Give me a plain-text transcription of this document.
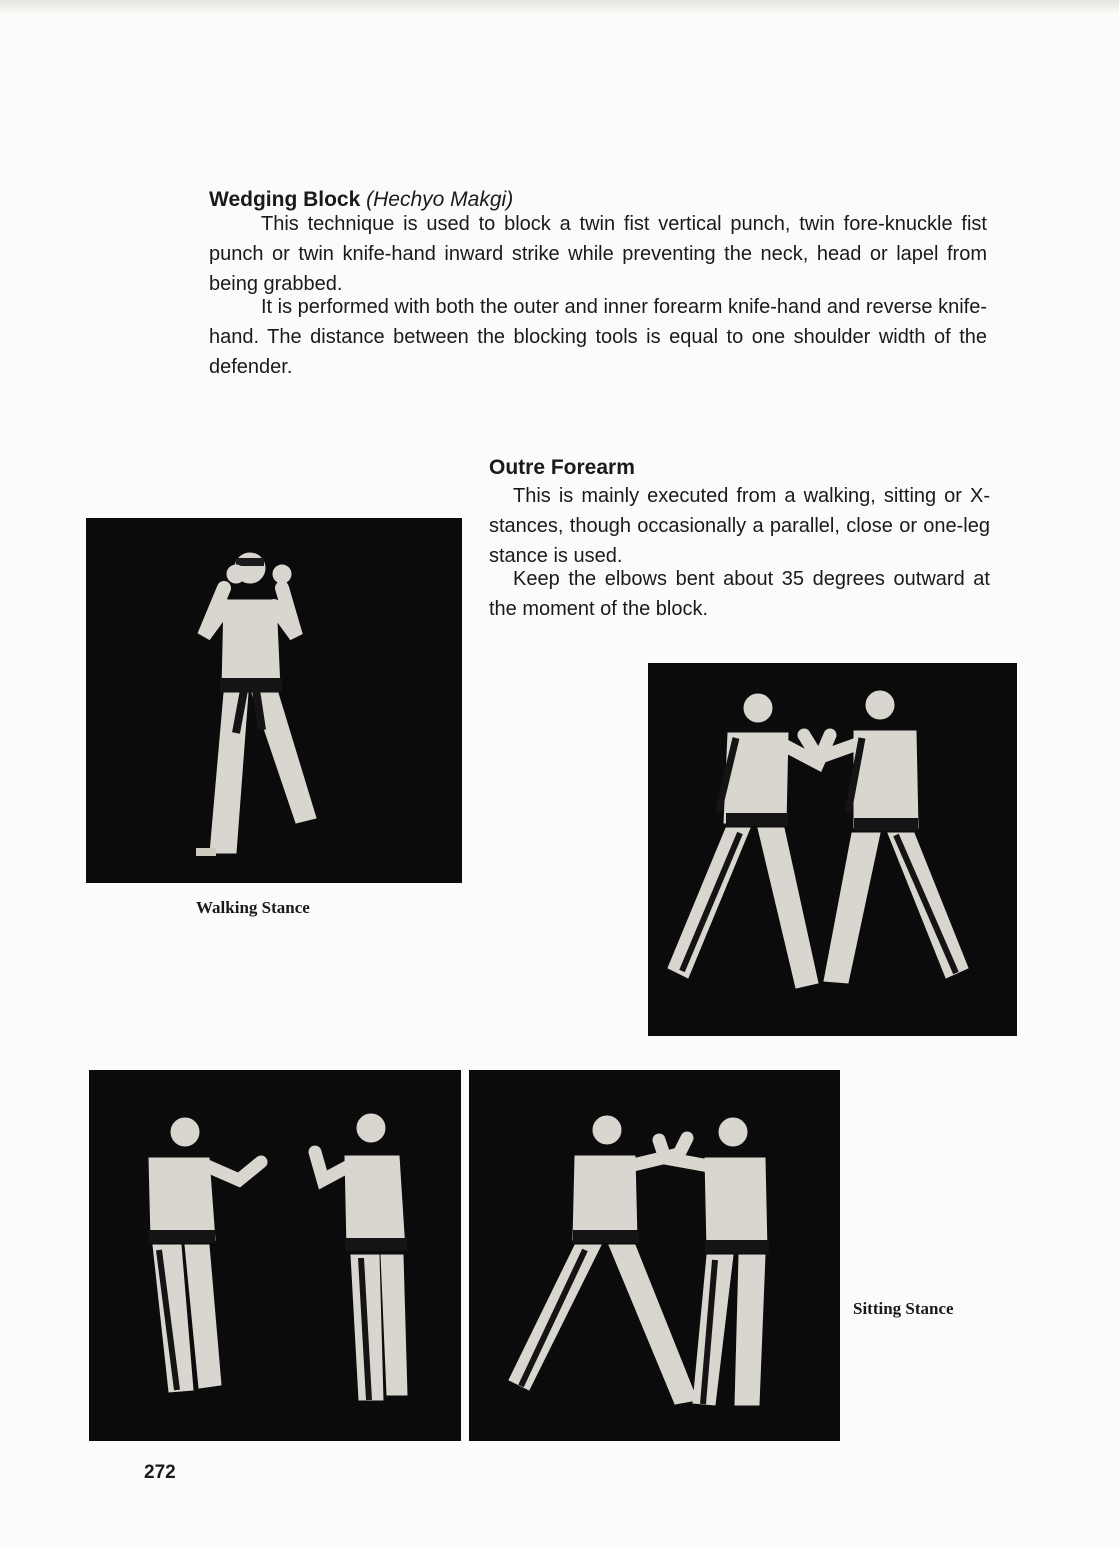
Wedging Block (Hechyo Makgi)

This technique is used to block a twin fist vertical punch, twin fore-knuckle fist punch or twin knife-hand inward strike while preventing the neck, head or lapel from being grabbed.

It is performed with both the outer and inner forearm knife-hand and reverse knife-hand. The distance between the blocking tools is equal to one shoulder width of the defender.

Outre Forearm

This is mainly executed from a walking, sitting or X-stances, though occasionally a parallel, close or one-leg stance is used.

Keep the elbows bent about 35 degrees outward at the moment of the block.

Walking Stance
Sitting Stance
272
